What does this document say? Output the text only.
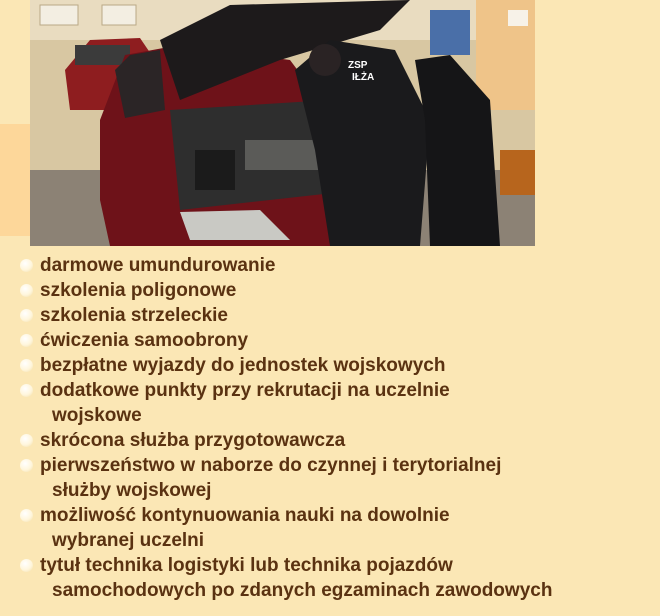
ZSP
IŁŻA
darmowe umundurowanie
szkolenia poligonowe
szkolenia strzeleckie
ćwiczenia samoobrony
bezpłatne wyjazdy do jednostek wojskowych
dodatkowe punkty przy rekrutacji na uczelnie
wojskowe
skrócona służba przygotowawcza
pierwszeństwo w naborze do czynnej i terytorialnej
służby wojskowej
możliwość kontynuowania nauki na dowolnie
wybranej uczelni
tytuł technika logistyki lub technika pojazdów
samochodowych po zdanych egzaminach zawodowych
